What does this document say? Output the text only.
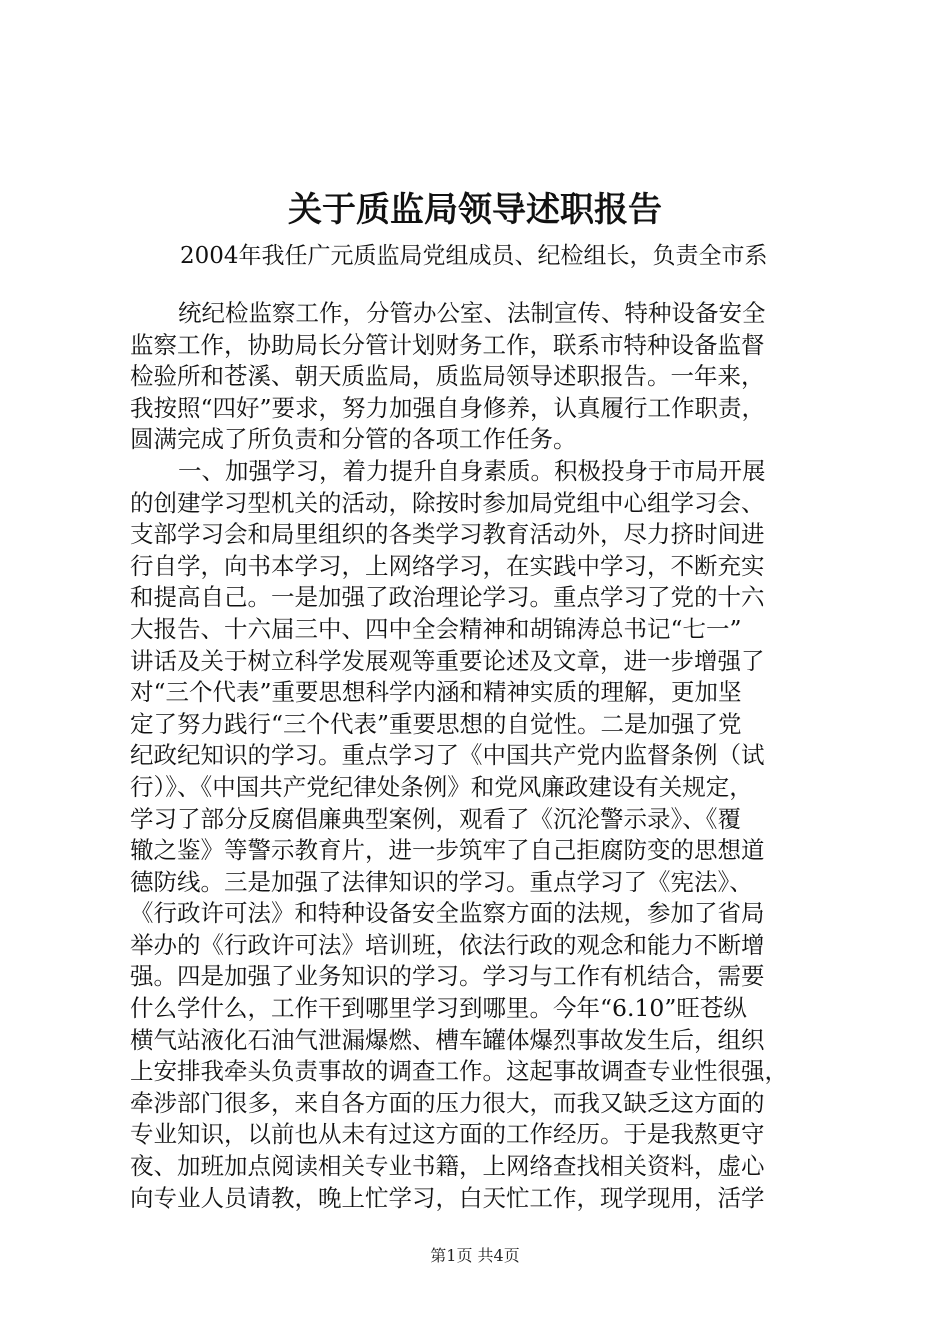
关于质监局领导述职报告
2004年我任广元质监局党组成员、纪检组长，负责全市系
统纪检监察工作，分管办公室、法制宣传、特种设备安全
监察工作，协助局长分管计划财务工作，联系市特种设备监督
检验所和苍溪、朝天质监局，质监局领导述职报告。一年来，
我按照“四好”要求，努力加强自身修养，认真履行工作职责，
圆满完成了所负责和分管的各项工作任务。
一、加强学习，着力提升自身素质。积极投身于市局开展
的创建学习型机关的活动，除按时参加局党组中心组学习会、
支部学习会和局里组织的各类学习教育活动外，尽力挤时间进
行自学，向书本学习，上网络学习，在实践中学习，不断充实
和提高自己。一是加强了政治理论学习。重点学习了党的十六
大报告、十六届三中、四中全会精神和胡锦涛总书记“七一”
讲话及关于树立科学发展观等重要论述及文章，进一步增强了
对“三个代表”重要思想科学内涵和精神实质的理解，更加坚
定了努力践行“三个代表”重要思想的自觉性。二是加强了党
纪政纪知识的学习。重点学习了《中国共产党内监督条例（试
行）》、《中国共产党纪律处条例》和党风廉政建设有关规定，
学习了部分反腐倡廉典型案例，观看了《沉沦警示录》、《覆
辙之鉴》等警示教育片，进一步筑牢了自己拒腐防变的思想道
德防线。三是加强了法律知识的学习。重点学习了《宪法》、
《行政许可法》和特种设备安全监察方面的法规，参加了省局
举办的《行政许可法》培训班，依法行政的观念和能力不断增
强。四是加强了业务知识的学习。学习与工作有机结合，需要
什么学什么，工作干到哪里学习到哪里。今年“6.10”旺苍纵
横气站液化石油气泄漏爆燃、槽车罐体爆烈事故发生后，组织
上安排我牵头负责事故的调查工作。这起事故调查专业性很强，
牵涉部门很多，来自各方面的压力很大，而我又缺乏这方面的
专业知识，以前也从未有过这方面的工作经历。于是我熬更守
夜、加班加点阅读相关专业书籍，上网络查找相关资料，虚心
向专业人员请教，晚上忙学习，白天忙工作，现学现用，活学
第1页 共4页
